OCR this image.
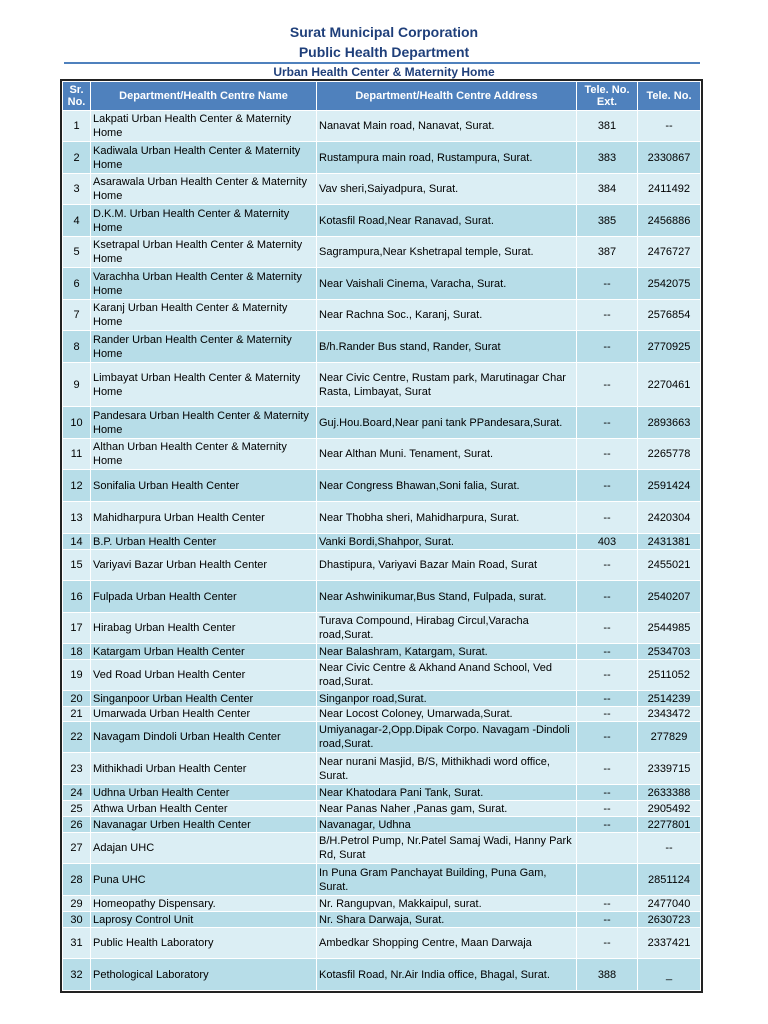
Surat Municipal Corporation
Public Health Department
Urban Health Center & Maternity Home
Sr. No.	Department/Health Centre Name	Department/Health Centre Address	Tele. No. Ext.	Tele. No.
1	Lakpati Urban Health Center & Maternity Home	Nanavat Main road, Nanavat, Surat.	381	--
2	Kadiwala Urban Health Center & Maternity Home	Rustampura main road, Rustampura, Surat.	383	2330867
3	Asarawala Urban Health Center & Maternity Home	Vav sheri,Saiyadpura, Surat.	384	2411492
4	D.K.M. Urban Health Center & Maternity Home	Kotasfil Road,Near Ranavad, Surat.	385	2456886
5	Ksetrapal Urban Health Center & Maternity Home	Sagrampura,Near Kshetrapal temple, Surat.	387	2476727
6	Varachha Urban Health Center & Maternity Home	Near Vaishali Cinema, Varacha, Surat.	--	2542075
7	Karanj Urban Health Center & Maternity Home	Near Rachna Soc., Karanj, Surat.	--	2576854
8	Rander Urban Health Center & Maternity Home	B/h.Rander Bus stand, Rander, Surat	--	2770925
9	Limbayat Urban Health Center & Maternity Home	Near Civic Centre, Rustam park, Marutinagar Char Rasta, Limbayat, Surat	--	2270461
10	Pandesara Urban Health Center & Maternity Home	Guj.Hou.Board,Near pani tank PPandesara,Surat.	--	2893663
11	Althan Urban Health Center & Maternity Home	Near Althan Muni. Tenament, Surat.	--	2265778
12	Sonifalia Urban Health Center	Near Congress Bhawan,Soni falia, Surat.	--	2591424
13	Mahidharpura Urban Health Center	Near Thobha sheri, Mahidharpura, Surat.	--	2420304
14	B.P. Urban Health Center	Vanki Bordi,Shahpor, Surat.	403	2431381
15	Variyavi Bazar Urban Health Center	Dhastipura, Variyavi Bazar Main Road, Surat	--	2455021
16	Fulpada Urban Health Center	Near Ashwinikumar,Bus Stand, Fulpada, surat.	--	2540207
17	Hirabag Urban Health Center	Turava Compound, Hirabag Circul,Varacha road,Surat.	--	2544985
18	Katargam Urban Health Center	Near Balashram, Katargam, Surat.	--	2534703
19	Ved Road Urban Health Center	Near Civic Centre & Akhand Anand School, Ved road,Surat.	--	2511052
20	Singanpoor Urban Health Center	Singanpor road,Surat.	--	2514239
21	Umarwada Urban Health Center	Near Locost Coloney, Umarwada,Surat.	--	2343472
22	Navagam Dindoli Urban Health Center	Umiyanagar-2,Opp.Dipak Corpo. Navagam -Dindoli road,Surat.	--	277829
23	Mithikhadi Urban Health Center	Near nurani Masjid, B/S, Mithikhadi word office, Surat.	--	2339715
24	Udhna Urban Health Center	Near Khatodara Pani Tank, Surat.	--	2633388
25	Athwa Urban Health Center	Near Panas Naher ,Panas gam, Surat.	--	2905492
26	Navanagar Urben Health Center	Navanagar, Udhna	--	2277801
27	Adajan UHC	B/H.Petrol Pump, Nr.Patel Samaj Wadi, Hanny Park Rd, Surat		--
28	Puna UHC	In Puna Gram Panchayat Building, Puna Gam, Surat.		2851124
29	Homeopathy Dispensary.	Nr. Rangupvan, Makkaipul, surat.	--	2477040
30	Laprosy Control Unit	Nr. Shara Darwaja, Surat.	--	2630723
31	Public Health Laboratory	Ambedkar Shopping Centre, Maan Darwaja	--	2337421
32	Pethological Laboratory	Kotasfil Road, Nr.Air India office, Bhagal, Surat.	388	_
